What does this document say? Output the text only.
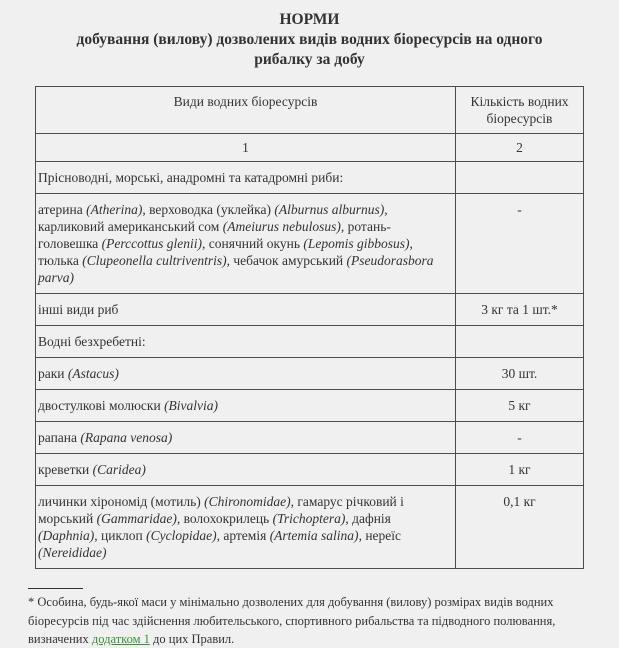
НОРМИ
добування (вилову) дозволених видів водних біоресурсів на одного рибалку за добу
Види водних біоресурсів	Кількість водних біоресурсів
1	2
Прісноводні, морські, анадромні та катадромні риби:	
атерина (Atherina), верховодка (уклейка) (Alburnus alburnus), карликовий американський сом (Ameiurus nebulosus), ротань-головешка (Perccottus glenii), сонячний окунь (Lepomis gibbosus), тюлька (Clupeonella cultriventris), чебачок амурський (Pseudorasbora parva)	-
інші види риб	3 кг та 1 шт.*
Водні безхребетні:	
раки (Astacus)	30 шт.
двостулкові молюски (Bivalvia)	5 кг
рапана (Rapana venosa)	-
креветки (Caridea)	1 кг
личинки хірономід (мотиль) (Chironomidae), гамарус річковий і морський (Gammaridae), волохокрилець (Trichoptera), дафнія (Daphnia), циклоп (Cyclopidae), артемія (Artemia salina), нереїс (Nereididae)	0,1 кг

* Особина, будь-якої маси у мінімально дозволених для добування (вилову) розмірах видів водних біоресурсів під час здійснення любительського, спортивного рибальства та підводного полювання, визначених додатком 1 до цих Правил.
